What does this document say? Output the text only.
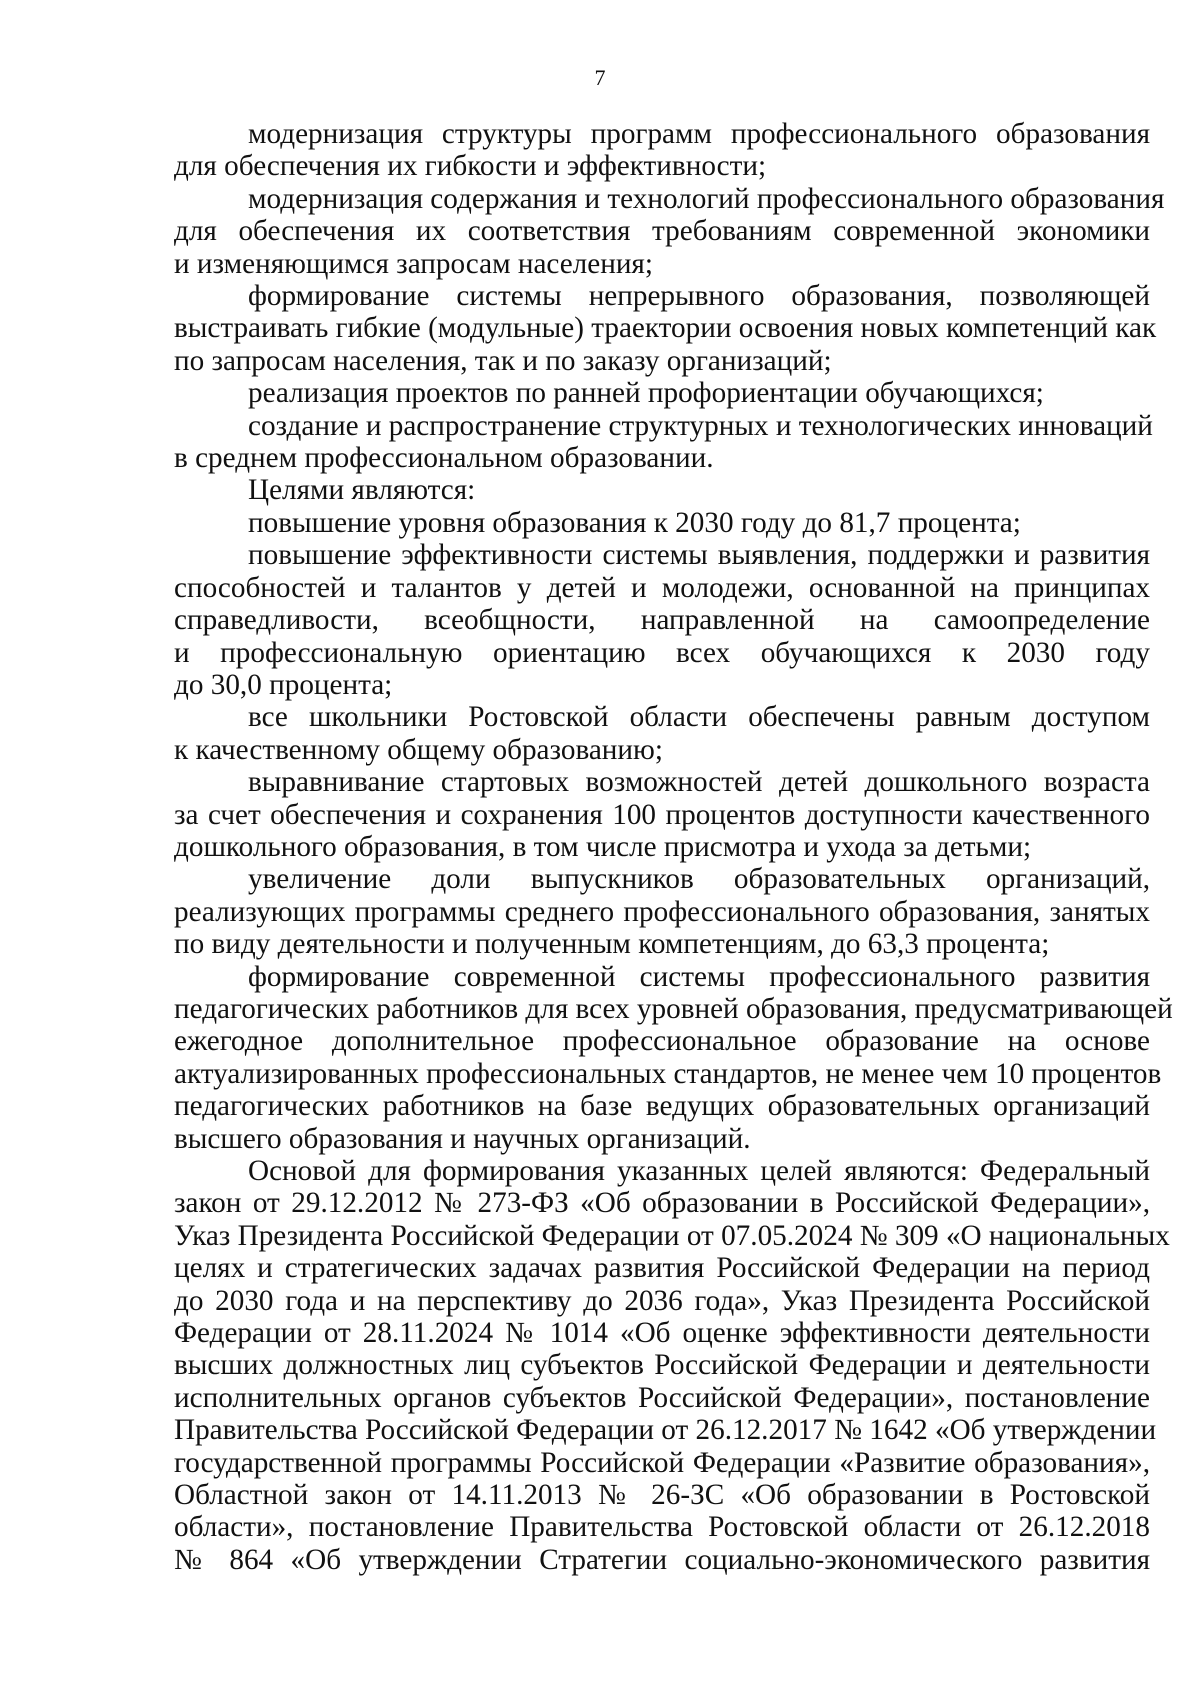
7
модернизация структуры программ профессионального образования
для обеспечения их гибкости и эффективности;
модернизация содержания и технологий профессионального образования
для обеспечения их соответствия требованиям современной экономики
и изменяющимся запросам населения;
формирование системы непрерывного образования, позволяющей
выстраивать гибкие (модульные) траектории освоения новых компетенций как
по запросам населения, так и по заказу организаций;
реализация проектов по ранней профориентации обучающихся;
создание и распространение структурных и технологических инноваций
в среднем профессиональном образовании.
Целями являются:
повышение уровня образования к 2030 году до 81,7 процента;
повышение эффективности системы выявления, поддержки и развития
способностей и талантов у детей и молодежи, основанной на принципах
справедливости, всеобщности, направленной на самоопределение
и профессиональную ориентацию всех обучающихся к 2030 году
до 30,0 процента;
все школьники Ростовской области обеспечены равным доступом
к качественному общему образованию;
выравнивание стартовых возможностей детей дошкольного возраста
за счет обеспечения и сохранения 100 процентов доступности качественного
дошкольного образования, в том числе присмотра и ухода за детьми;
увеличение доли выпускников образовательных организаций,
реализующих программы среднего профессионального образования, занятых
по виду деятельности и полученным компетенциям, до 63,3 процента;
формирование современной системы профессионального развития
педагогических работников для всех уровней образования, предусматривающей
ежегодное дополнительное профессиональное образование на основе
актуализированных профессиональных стандартов, не менее чем 10 процентов
педагогических работников на базе ведущих образовательных организаций
высшего образования и научных организаций.
Основой для формирования указанных целей являются: Федеральный
закон от 29.12.2012 № 273-ФЗ «Об образовании в Российской Федерации»,
Указ Президента Российской Федерации от 07.05.2024 № 309 «О национальных
целях и стратегических задачах развития Российской Федерации на период
до 2030 года и на перспективу до 2036 года», Указ Президента Российской
Федерации от 28.11.2024 № 1014 «Об оценке эффективности деятельности
высших должностных лиц субъектов Российской Федерации и деятельности
исполнительных органов субъектов Российской Федерации», постановление
Правительства Российской Федерации от 26.12.2017 № 1642 «Об утверждении
государственной программы Российской Федерации «Развитие образования»,
Областной закон от 14.11.2013 № 26-ЗС «Об образовании в Ростовской
области», постановление Правительства Ростовской области от 26.12.2018
№ 864 «Об утверждении Стратегии социально-экономического развития
